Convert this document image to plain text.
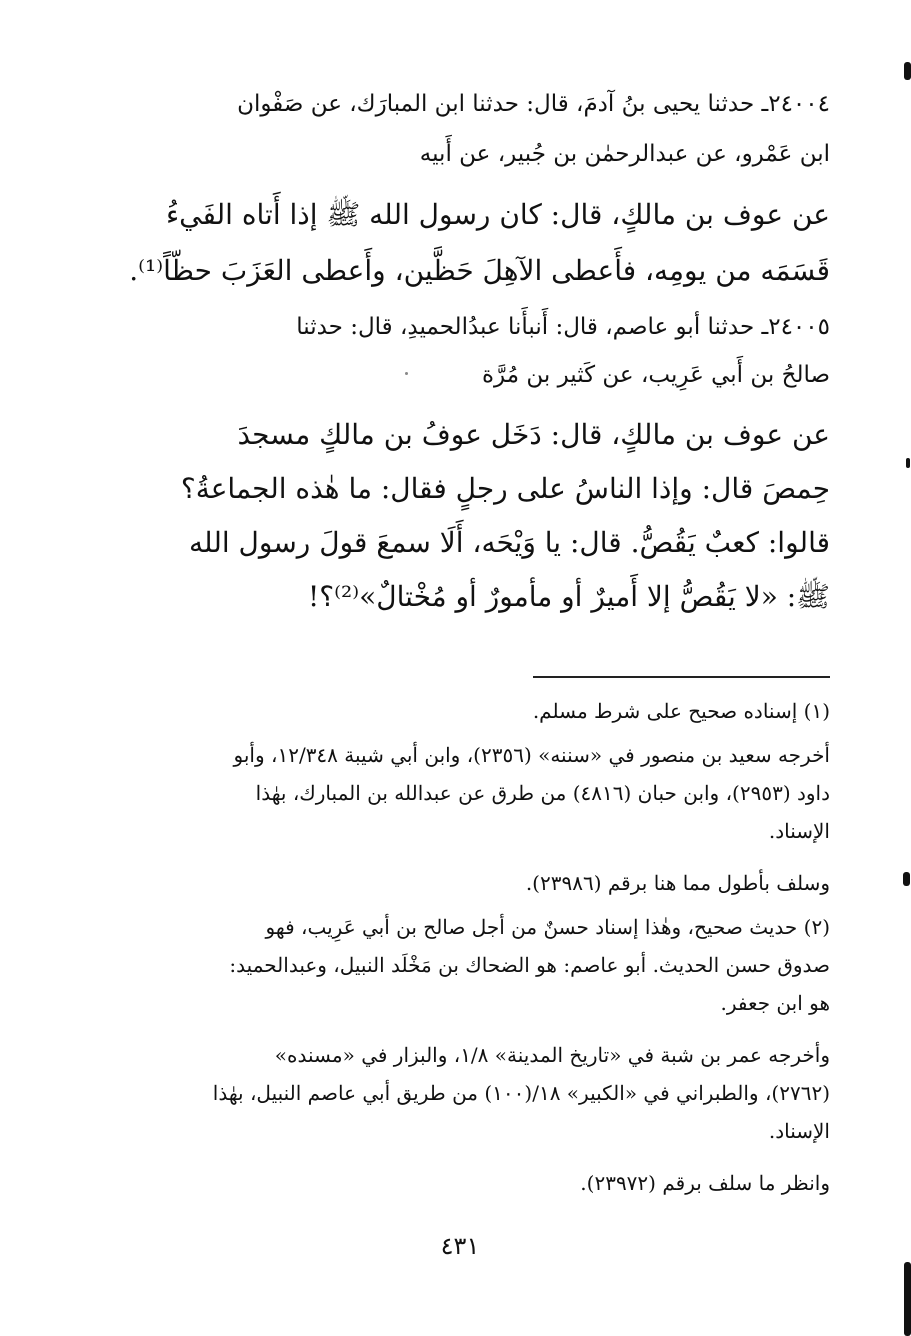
٢٤٠٠٤ـ حدثنا يحيى بنُ آدمَ، قال: حدثنا ابن المبارَك، عن صَفْوان
ابن عَمْرو، عن عبدالرحمٰن بن جُبير، عن أَبيه
عن عوف بن مالكٍ، قال: كان رسول الله ﷺ إذا أَتاه الفَيءُ
قَسَمَه من يومِه، فأَعطى الآهِلَ حَظَّين، وأَعطى العَزَبَ حظّاً⁽¹⁾.
٢٤٠٠٥ـ حدثنا أبو عاصم، قال: أَنبأَنا عبدُالحميدِ، قال: حدثنا
صالحُ بن أَبي عَرِيب، عن كَثير بن مُرَّة
عن عوف بن مالكٍ، قال: دَخَل عوفُ بن مالكٍ مسجدَ
حِمصَ قال: وإذا الناسُ على رجلٍ فقال: ما هٰذه الجماعةُ؟
قالوا: كعبٌ يَقُصُّ. قال: يا وَيْحَه، أَلَا سمعَ قولَ رسول الله
ﷺ: «لا يَقُصُّ إلا أَميرٌ أو مأمورٌ أو مُخْتالٌ»⁽²⁾؟!
(١) إسناده صحيح على شرط مسلم.
أخرجه سعيد بن منصور في «سننه» (٢٣٥٦)، وابن أبي شيبة ١٢/٣٤٨، وأبو
داود (٢٩٥٣)، وابن حبان (٤٨١٦) من طرق عن عبدالله بن المبارك، بهٰذا
الإسناد.
وسلف بأطول مما هنا برقم (٢٣٩٨٦).
(٢) حديث صحيح، وهٰذا إسناد حسنٌ من أجل صالح بن أبي عَرِيب، فهو
صدوق حسن الحديث. أبو عاصم: هو الضحاك بن مَخْلَد النبيل، وعبدالحميد:
هو ابن جعفر.
وأخرجه عمر بن شبة في «تاريخ المدينة» ١/٨، والبزار في «مسنده»
(٢٧٦٢)، والطبراني في «الكبير» ١٨/(١٠٠) من طريق أبي عاصم النبيل، بهٰذا
الإسناد.
وانظر ما سلف برقم (٢٣٩٧٢).
٤٣١
